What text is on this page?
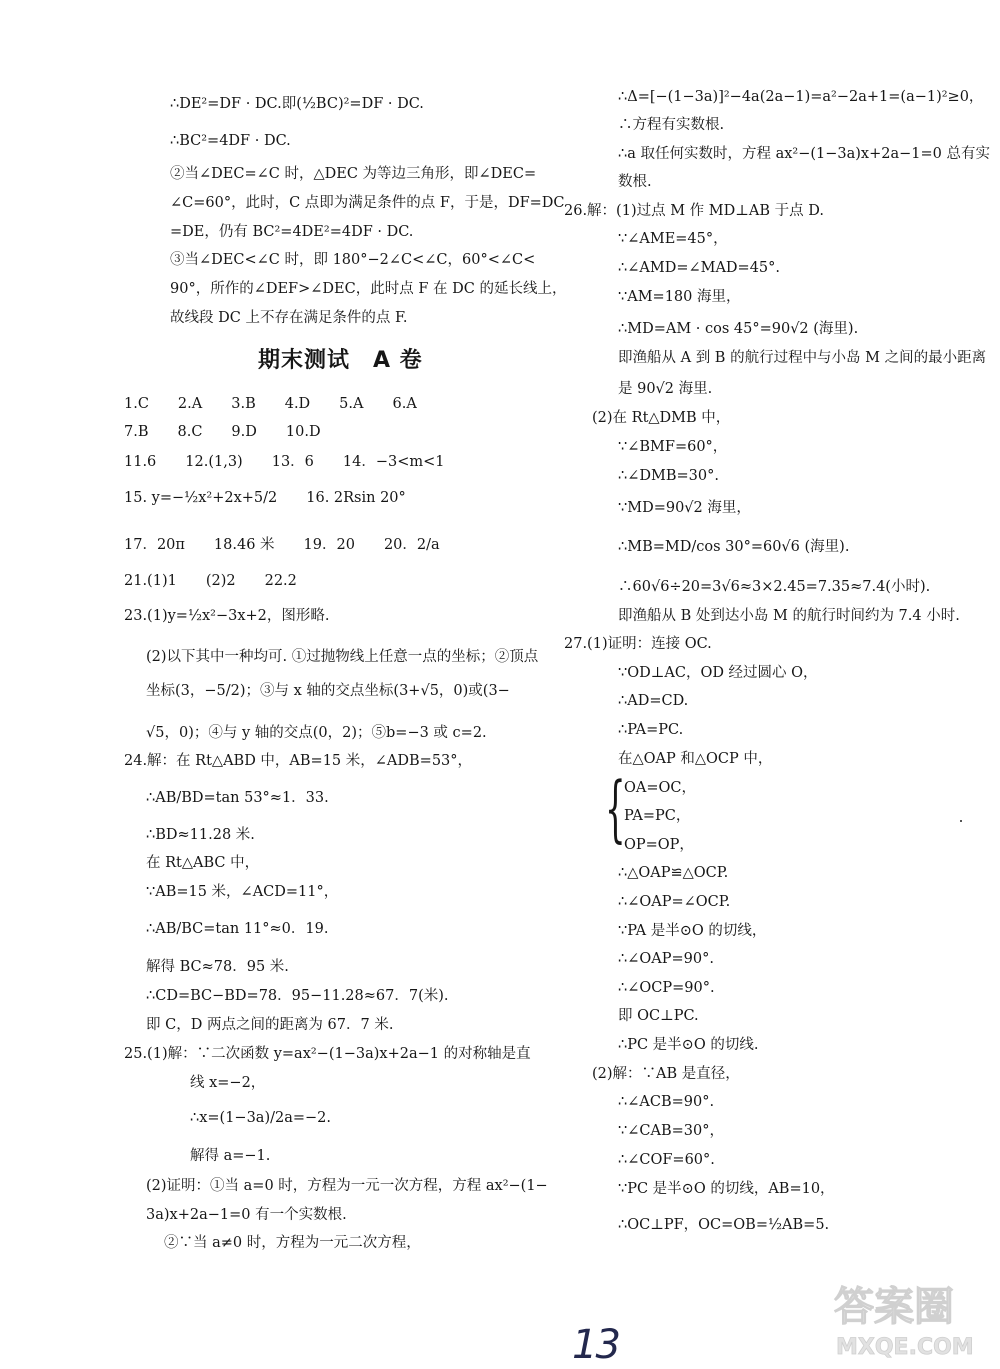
∴DE²=DF · DC.即(½BC)²=DF · DC.
∴BC²=4DF · DC.
②当∠DEC=∠C 时，△DEC 为等边三角形，即∠DEC=
∠C=60°，此时，C 点即为满足条件的点 F，于是，DF=DC
=DE，仍有 BC²=4DE²=4DF · DC.
③当∠DEC<∠C 时，即 180°−2∠C<∠C，60°<∠C<
90°，所作的∠DEF>∠DEC，此时点 F 在 DC 的延长线上，
故线段 DC 上不存在满足条件的点 F.
1.C　　2.A　　3.B　　4.D　　5.A　　6.A
7.B　　8.C　　9.D　　10.D
11.6　　12.(1,3)　　13．6　　14．−3<m<1
15. y=−½x²+2x+5/2　　16. 2Rsin 20°
17．20π　　18.46 米　　19．20　　20．2/a
21.(1)1　　(2)2　　22.2
23.(1)y=½x²−3x+2，图形略.
(2)以下其中一种均可. ①过抛物线上任意一点的坐标；②顶点
坐标(3，−5/2)；③与 x 轴的交点坐标(3+√5，0)或(3−
√5，0)；④与 y 轴的交点(0，2)；⑤b=−3 或 c=2.
24.解：在 Rt△ABD 中，AB=15 米，∠ADB=53°，
∴AB/BD=tan 53°≈1．33.
∴BD≈11.28 米.
在 Rt△ABC 中，
∵AB=15 米，∠ACD=11°，
∴AB/BC=tan 11°≈0．19.
解得 BC≈78．95 米.
∴CD=BC−BD=78．95−11.28≈67．7(米).
即 C，D 两点之间的距离为 67．7 米.
25.(1)解：∵二次函数 y=ax²−(1−3a)x+2a−1 的对称轴是直
线 x=−2，
∴x=(1−3a)/2a=−2.
解得 a=−1.
(2)证明：①当 a=0 时，方程为一元一次方程，方程 ax²−(1−
3a)x+2a−1=0 有一个实数根.
②∵当 a≠0 时，方程为一元二次方程，
期末测试　A 卷
∴Δ=[−(1−3a)]²−4a(2a−1)=a²−2a+1=(a−1)²≥0，
∴方程有实数根.
∴a 取任何实数时，方程 ax²−(1−3a)x+2a−1=0 总有实
数根.
26.解：(1)过点 M 作 MD⊥AB 于点 D.
∵∠AME=45°，
∴∠AMD=∠MAD=45°.
∵AM=180 海里，
∴MD=AM · cos 45°=90√2 (海里).
即渔船从 A 到 B 的航行过程中与小岛 M 之间的最小距离
是 90√2 海里.
(2)在 Rt△DMB 中，
∵∠BMF=60°，
∴∠DMB=30°.
∵MD=90√2 海里，
∴MB=MD/cos 30°=60√6 (海里).
∴60√6÷20=3√6≈3×2.45=7.35≈7.4(小时).
即渔船从 B 处到达小岛 M 的航行时间约为 7.4 小时.
27.(1)证明：连接 OC.
∵OD⊥AC，OD 经过圆心 O，
∴AD=CD.
∴PA=PC.
在△OAP 和△OCP 中，
OA=OC，
PA=PC，
OP=OP，
∴△OAP≌△OCP.
∴∠OAP=∠OCP.
∵PA 是半⊙O 的切线，
∴∠OAP=90°.
∴∠OCP=90°.
即 OC⊥PC.
∴PC 是半⊙O 的切线.
(2)解：∵AB 是直径，
∴∠ACB=90°.
∵∠CAB=30°，
∴∠COF=60°.
∵PC 是半⊙O 的切线，AB=10，
∴OC⊥PF，OC=OB=½AB=5.
{
13
答案圈
MXQE.COM
